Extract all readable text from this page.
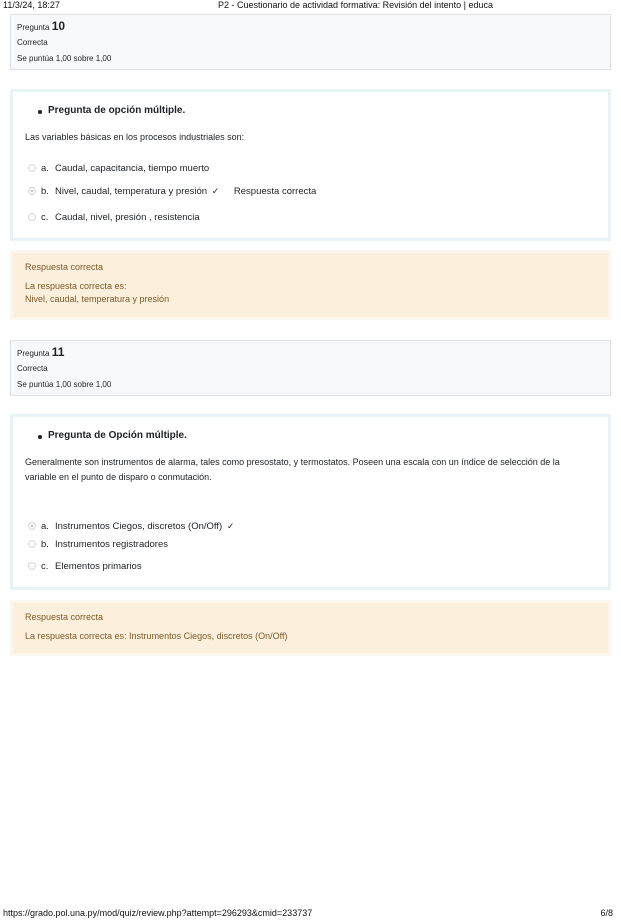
11/3/24, 18:27	P2 - Cuestionario de actividad formativa: Revisión del intento | educa
Pregunta 10
Correcta
Se puntúa 1,00 sobre 1,00
Pregunta de opción múltiple.
Las variables básicas en los procesos industriales son:
a. Caudal, capacitancia, tiempo muerto
b. Nivel, caudal, temperatura y presión ✓ Respuesta correcta
c. Caudal, nivel, presión , resistencia
Respuesta correcta
La respuesta correcta es:
Nivel, caudal, temperatura y presión
Pregunta 11
Correcta
Se puntúa 1,00 sobre 1,00
Pregunta de Opción múltiple.
Generalmente son instrumentos de alarma, tales como presostato, y termostatos. Poseen una escala con un índice de selección de la
variable en el punto de disparo o conmutación.
a. Instrumentos Ciegos, discretos (On/Off) ✓
b. Instrumentos registradores
c. Elementos primarios
Respuesta correcta
La respuesta correcta es: Instrumentos Ciegos, discretos (On/Off)
https://grado.pol.una.py/mod/quiz/review.php?attempt=296293&cmid=233737	6/8
